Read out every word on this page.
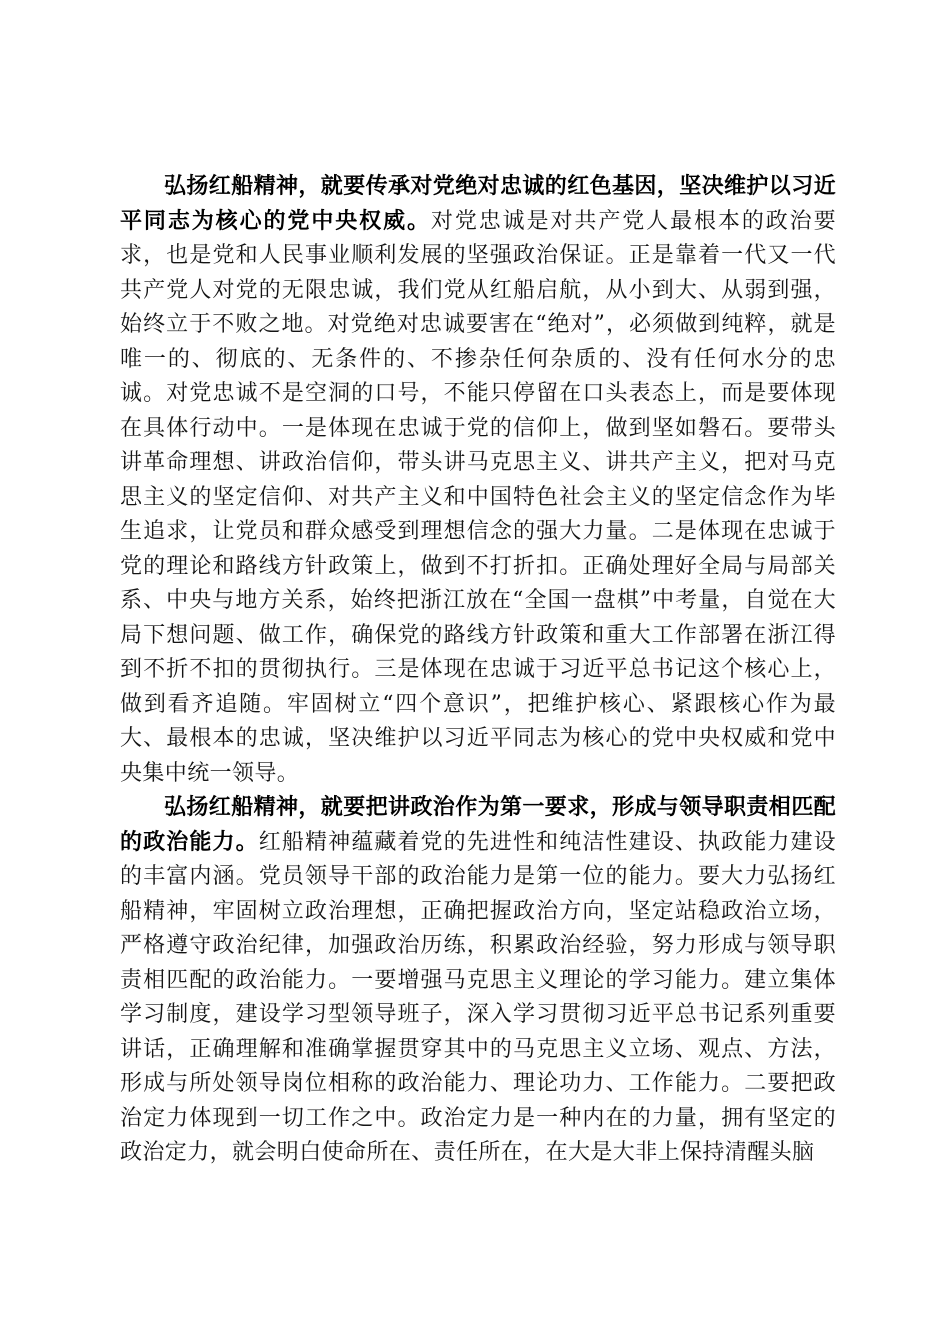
弘扬红船精神，就要传承对党绝对忠诚的红色基因，坚决维护以习近平同志为核心的党中央权威。对党忠诚是对共产党人最根本的政治要求，也是党和人民事业顺利发展的坚强政治保证。正是靠着一代又一代共产党人对党的无限忠诚，我们党从红船启航，从小到大、从弱到强，始终立于不败之地。对党绝对忠诚要害在“绝对”，必须做到纯粹，就是唯一的、彻底的、无条件的、不掺杂任何杂质的、没有任何水分的忠诚。对党忠诚不是空洞的口号，不能只停留在口头表态上，而是要体现在具体行动中。一是体现在忠诚于党的信仰上，做到坚如磐石。要带头讲革命理想、讲政治信仰，带头讲马克思主义、讲共产主义，把对马克思主义的坚定信仰、对共产主义和中国特色社会主义的坚定信念作为毕生追求，让党员和群众感受到理想信念的强大力量。二是体现在忠诚于党的理论和路线方针政策上，做到不打折扣。正确处理好全局与局部关系、中央与地方关系，始终把浙江放在“全国一盘棋”中考量，自觉在大局下想问题、做工作，确保党的路线方针政策和重大工作部署在浙江得到不折不扣的贯彻执行。三是体现在忠诚于习近平总书记这个核心上，做到看齐追随。牢固树立“四个意识”，把维护核心、紧跟核心作为最大、最根本的忠诚，坚决维护以习近平同志为核心的党中央权威和党中央集中统一领导。

弘扬红船精神，就要把讲政治作为第一要求，形成与领导职责相匹配的政治能力。红船精神蕴藏着党的先进性和纯洁性建设、执政能力建设的丰富内涵。党员领导干部的政治能力是第一位的能力。要大力弘扬红船精神，牢固树立政治理想，正确把握政治方向，坚定站稳政治立场，严格遵守政治纪律，加强政治历练，积累政治经验，努力形成与领导职责相匹配的政治能力。一要增强马克思主义理论的学习能力。建立集体学习制度，建设学习型领导班子，深入学习贯彻习近平总书记系列重要讲话，正确理解和准确掌握贯穿其中的马克思主义立场、观点、方法，形成与所处领导岗位相称的政治能力、理论功力、工作能力。二要把政治定力体现到一切工作之中。政治定力是一种内在的力量，拥有坚定的政治定力，就会明白使命所在、责任所在，在大是大非上保持清醒头脑
